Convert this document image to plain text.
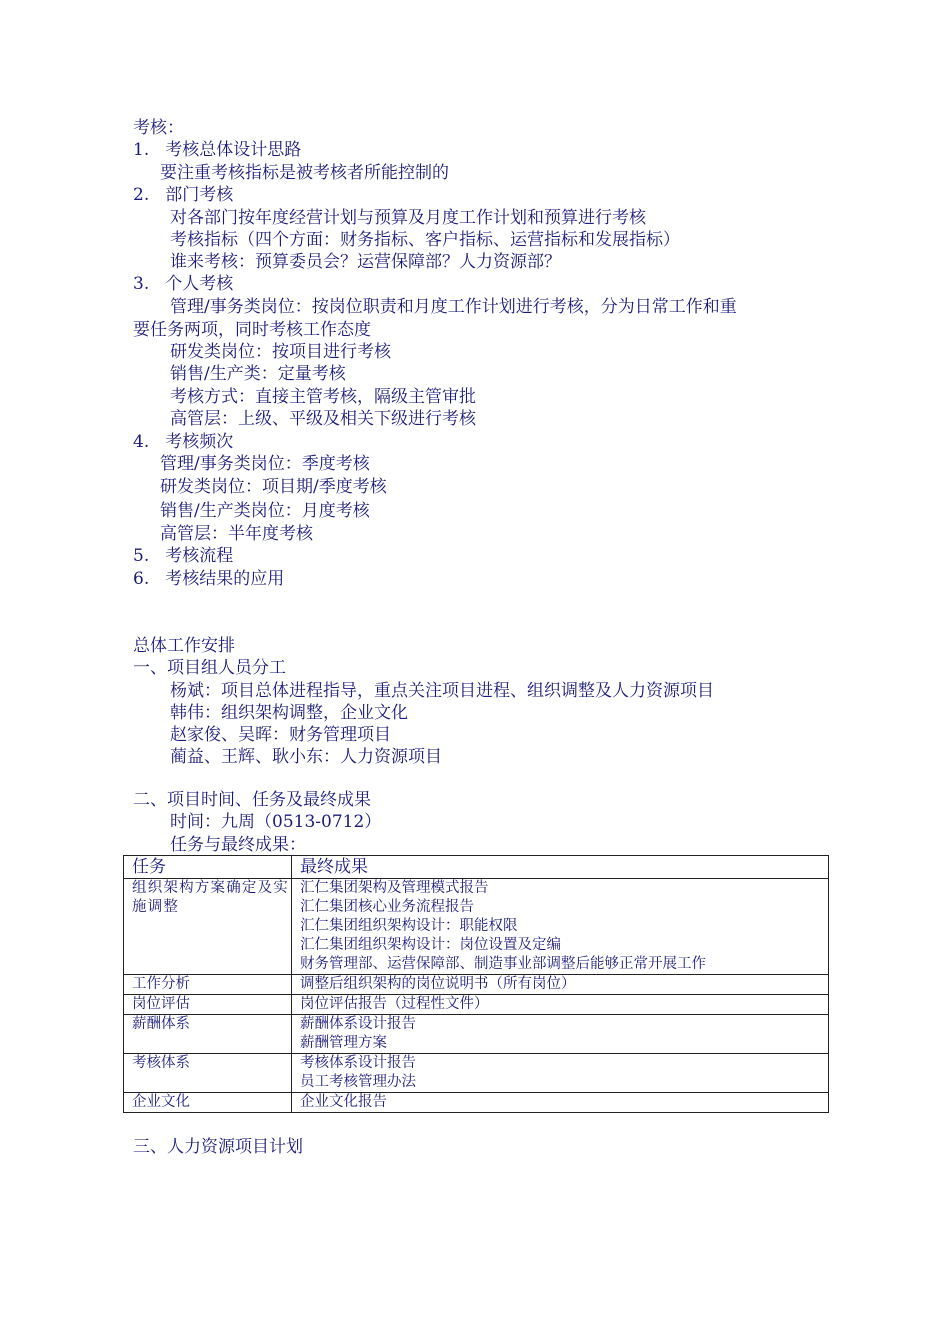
考核：
1. 考核总体设计思路
要注重考核指标是被考核者所能控制的
2. 部门考核
对各部门按年度经营计划与预算及月度工作计划和预算进行考核
考核指标（四个方面：财务指标、客户指标、运营指标和发展指标）
谁来考核：预算委员会？运营保障部？人力资源部？
3. 个人考核
管理/事务类岗位：按岗位职责和月度工作计划进行考核，分为日常工作和重
要任务两项，同时考核工作态度
研发类岗位：按项目进行考核
销售/生产类：定量考核
考核方式：直接主管考核，隔级主管审批
高管层：上级、平级及相关下级进行考核
4. 考核频次
管理/事务类岗位：季度考核
研发类岗位：项目期/季度考核
销售/生产类岗位：月度考核
高管层：半年度考核
5. 考核流程
6. 考核结果的应用
总体工作安排
一、项目组人员分工
杨斌：项目总体进程指导，重点关注项目进程、组织调整及人力资源项目
韩伟：组织架构调整，企业文化
赵家俊、吴晖：财务管理项目
蔺益、王辉、耿小东：人力资源项目
二、项目时间、任务及最终成果
时间：九周（0513-0712）
任务与最终成果：
任务	最终成果
组织架构方案确定及实施调整	汇仁集团架构及管理模式报告
汇仁集团核心业务流程报告
汇仁集团组织架构设计：职能权限
汇仁集团组织架构设计：岗位设置及定编
财务管理部、运营保障部、制造事业部调整后能够正常开展工作

工作分析	调整后组织架构的岗位说明书（所有岗位）

岗位评估	岗位评估报告（过程性文件）

薪酬体系	薪酬体系设计报告
薪酬管理方案

考核体系	考核体系设计报告
员工考核管理办法

企业文化	企业文化报告
三、人力资源项目计划
